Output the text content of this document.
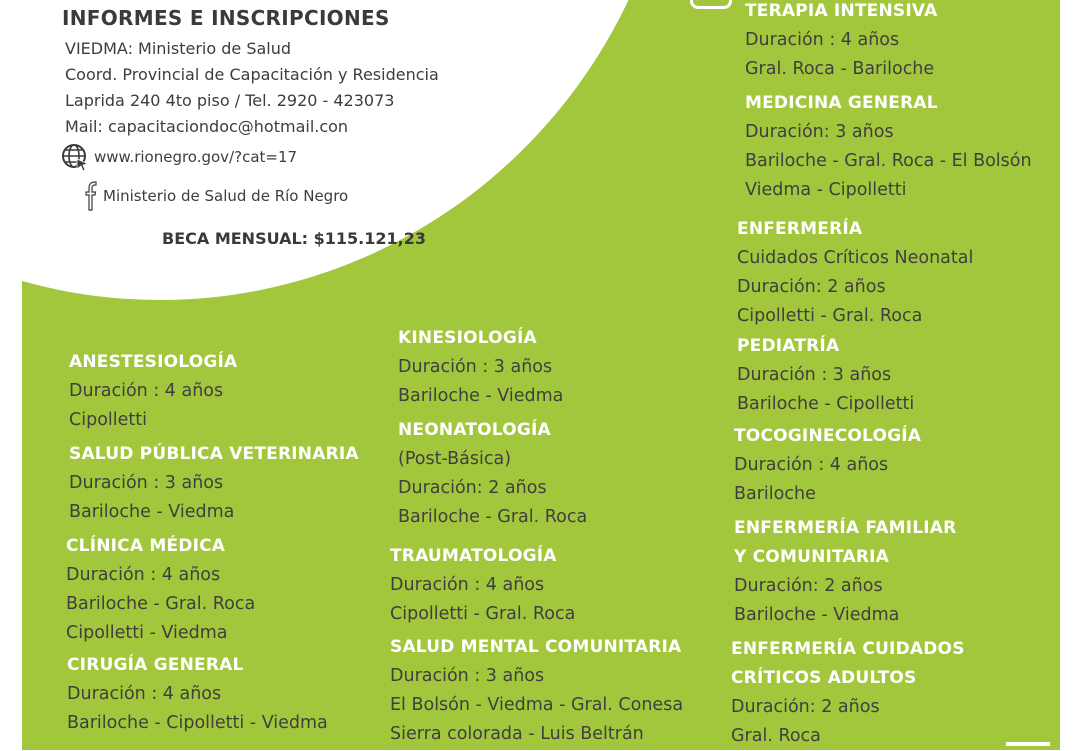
INFORMES E INSCRIPCIONES
VIEDMA: Ministerio de Salud
Coord. Provincial de Capacitación y Residencia
Laprida 240 4to piso / Tel. 2920 - 423073
Mail: capacitaciondoc@hotmail.con
www.rionegro.gov/?cat=17
Ministerio de Salud de Río Negro
BECA MENSUAL: $115.121,23
TERAPIA INTENSIVA
Duración : 4 años
Gral. Roca - Bariloche
MEDICINA GENERAL
Duración: 3 años
Bariloche - Gral. Roca - El Bolsón
Viedma - Cipolletti
ENFERMERÍA
Cuidados Críticos Neonatal
Duración: 2 años
Cipolletti - Gral. Roca
PEDIATRÍA
Duración : 3 años
Bariloche - Cipolletti
TOCOGINECOLOGÍA
Duración : 4 años
Bariloche
ENFERMERÍA FAMILIAR Y COMUNITARIA
Duración: 2 años
Bariloche - Viedma
ENFERMERÍA CUIDADOS CRÍTICOS ADULTOS
Duración: 2 años
Gral. Roca
KINESIOLOGÍA
Duración : 3 años
Bariloche - Viedma
NEONATOLOGÍA
(Post-Básica)
Duración: 2 años
Bariloche - Gral. Roca
TRAUMATOLOGÍA
Duración : 4 años
Cipolletti - Gral. Roca
SALUD MENTAL COMUNITARIA
Duración : 3 años
El Bolsón - Viedma - Gral. Conesa
Sierra colorada - Luis Beltrán
ANESTESIOLOGÍA
Duración : 4 años
Cipolletti
SALUD PÚBLICA VETERINARIA
Duración : 3 años
Bariloche - Viedma
CLÍNICA MÉDICA
Duración : 4 años
Bariloche - Gral. Roca
Cipolletti - Viedma
CIRUGÍA GENERAL
Duración : 4 años
Bariloche - Cipolletti - Viedma
